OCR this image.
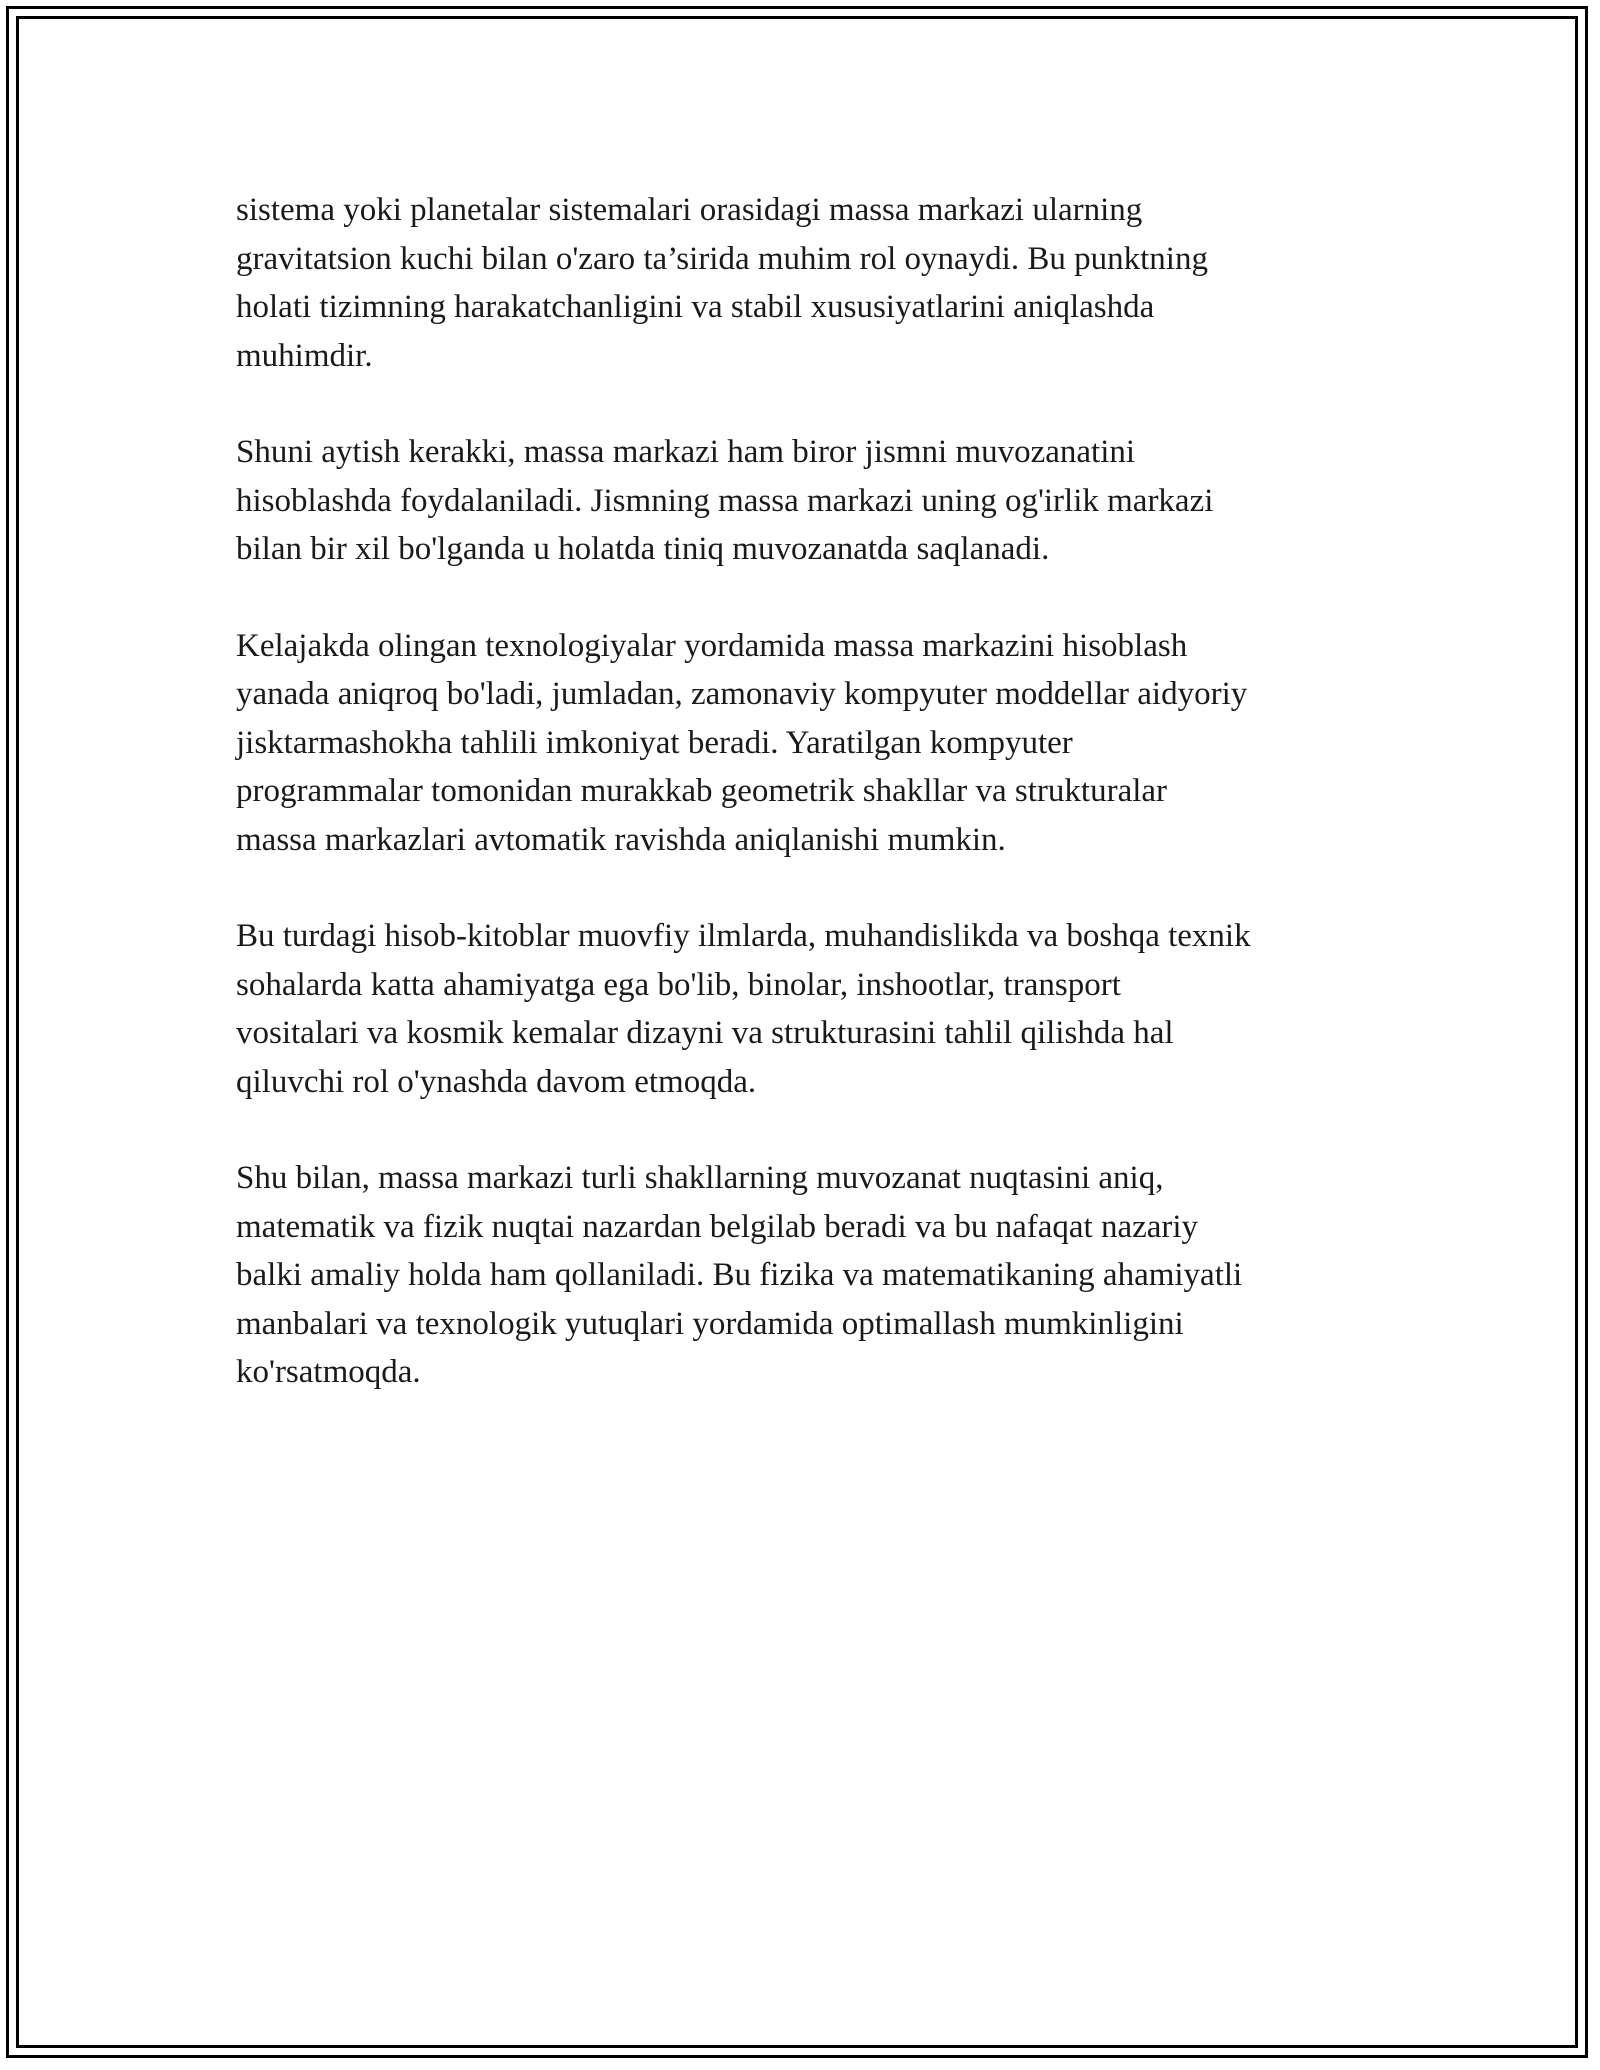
sistema yoki planetalar sistemalari orasidagi massa markazi ularning
gravitatsion kuchi bilan o'zaro ta’sirida muhim rol oynaydi. Bu punktning
holati tizimning harakatchanligini va stabil xususiyatlarini aniqlashda
muhimdir.

Shuni aytish kerakki, massa markazi ham biror jismni muvozanatini
hisoblashda foydalaniladi. Jismning massa markazi uning og'irlik markazi
bilan bir xil bo'lganda u holatda tiniq muvozanatda saqlanadi.

Kelajakda olingan texnologiyalar yordamida massa markazini hisoblash
yanada aniqroq bo'ladi, jumladan, zamonaviy kompyuter moddellar aidyoriy
jisktarmashokha tahlili imkoniyat beradi. Yaratilgan kompyuter
programmalar tomonidan murakkab geometrik shakllar va strukturalar
massa markazlari avtomatik ravishda aniqlanishi mumkin.

Bu turdagi hisob-kitoblar muovfiy ilmlarda, muhandislikda va boshqa texnik
sohalarda katta ahamiyatga ega bo'lib, binolar, inshootlar, transport
vositalari va kosmik kemalar dizayni va strukturasini tahlil qilishda hal
qiluvchi rol o'ynashda davom etmoqda.

Shu bilan, massa markazi turli shakllarning muvozanat nuqtasini aniq,
matematik va fizik nuqtai nazardan belgilab beradi va bu nafaqat nazariy
balki amaliy holda ham qollaniladi. Bu fizika va matematikaning ahamiyatli
manbalari va texnologik yutuqlari yordamida optimallash mumkinligini
ko'rsatmoqda.
